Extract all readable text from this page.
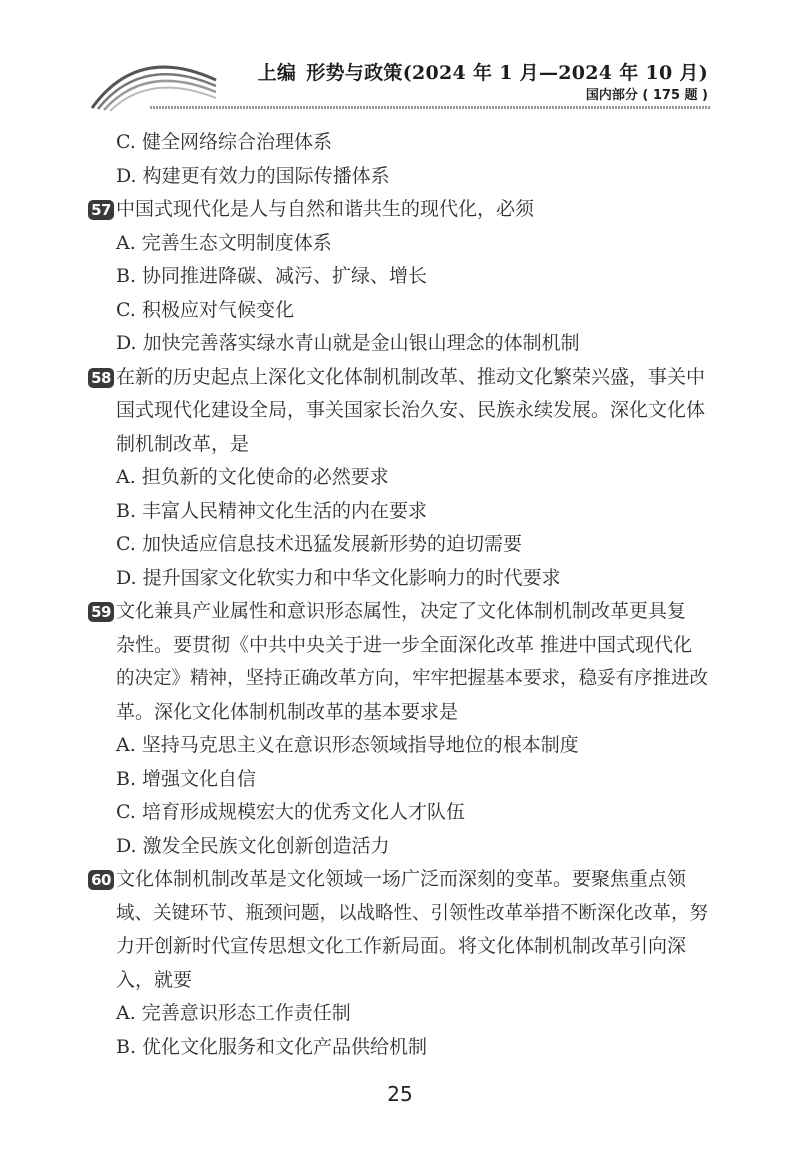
上编 形势与政策(2024 年 1 月—2024 年 10 月)
国内部分 ( 175 题 )
C. 健全网络综合治理体系
D. 构建更有效力的国际传播体系
57 中国式现代化是人与自然和谐共生的现代化，必须
A. 完善生态文明制度体系
B. 协同推进降碳、减污、扩绿、增长
C. 积极应对气候变化
D. 加快完善落实绿水青山就是金山银山理念的体制机制
58 在新的历史起点上深化文化体制机制改革、推动文化繁荣兴盛，事关中
国式现代化建设全局，事关国家长治久安、民族永续发展。深化文化体
制机制改革，是
A. 担负新的文化使命的必然要求
B. 丰富人民精神文化生活的内在要求
C. 加快适应信息技术迅猛发展新形势的迫切需要
D. 提升国家文化软实力和中华文化影响力的时代要求
59 文化兼具产业属性和意识形态属性，决定了文化体制机制改革更具复
杂性。要贯彻《中共中央关于进一步全面深化改革 推进中国式现代化
的决定》精神，坚持正确改革方向，牢牢把握基本要求，稳妥有序推进改
革。深化文化体制机制改革的基本要求是
A. 坚持马克思主义在意识形态领域指导地位的根本制度
B. 增强文化自信
C. 培育形成规模宏大的优秀文化人才队伍
D. 激发全民族文化创新创造活力
60 文化体制机制改革是文化领域一场广泛而深刻的变革。要聚焦重点领
域、关键环节、瓶颈问题，以战略性、引领性改革举措不断深化改革，努
力开创新时代宣传思想文化工作新局面。将文化体制机制改革引向深
入，就要
A. 完善意识形态工作责任制
B. 优化文化服务和文化产品供给机制
25
